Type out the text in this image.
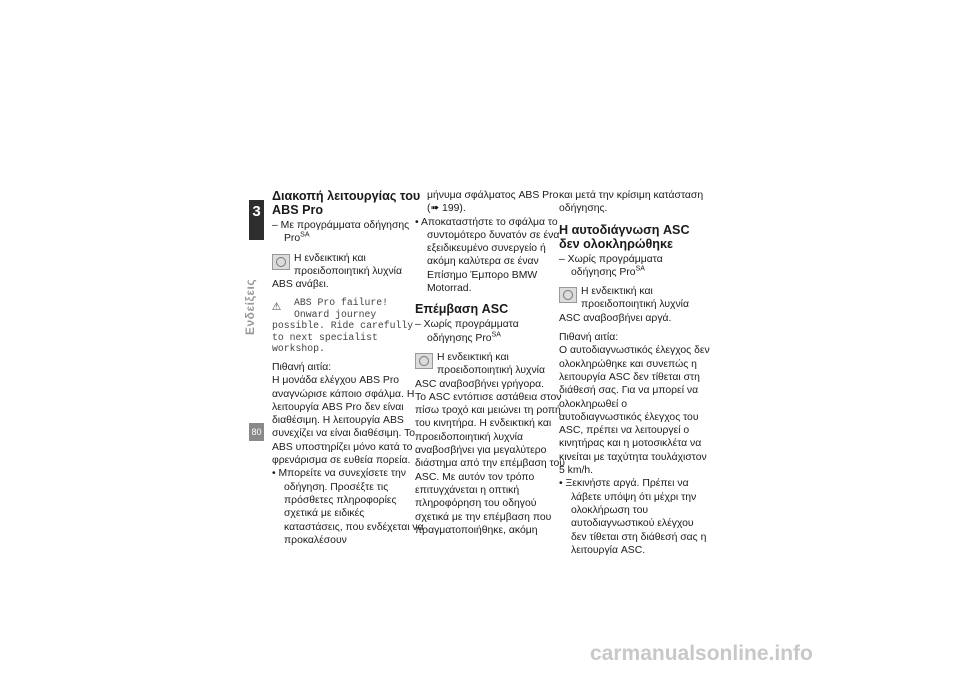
3
80
Ενδείξεις
Διακοπή λειτουργίας του ABS Pro

– Με προγράμματα οδήγησης Pro$^{SA}$

Η ενδεικτική και προειδοποιητική λυχνία ABS ανάβει.

⚠	ABS Pro failure! Onward journey possible. Ride carefully to next specialist workshop.

Πιθανή αιτία:

Η μονάδα ελέγχου ABS Pro αναγνώρισε κάποιο σφάλμα. Η λειτουργία ABS Pro δεν είναι διαθέσιμη. Η λειτουργία ABS συνεχίζει να είναι διαθέσιμη. Το ABS υποστηρίζει μόνο κατά το φρενάρισμα σε ευθεία πορεία.

• Μπορείτε να συνεχίσετε την οδήγηση. Προσέξτε τις πρόσθετες πληροφορίες σχετικά με ειδικές καταστάσεις, που ενδέχεται να προκαλέσουν

μήνυμα σφάλματος ABS Pro (➠ 199).

• Αποκαταστήστε το σφάλμα το συντομότερο δυνατόν σε ένα εξειδικευμένο συνεργείο ή ακόμη καλύτερα σε έναν Επίσημο Έμπορο BMW Motorrad.

Επέμβαση ASC

– Χωρίς προγράμματα οδήγησης Pro$^{SA}$

Η ενδεικτική και προειδοποιητική λυχνία ASC αναβοσβήνει γρήγορα.

Το ASC εντόπισε αστάθεια στον πίσω τροχό και μειώνει τη ροπή του κινητήρα. Η ενδεικτική και προειδοποιητική λυχνία αναβοσβήνει για μεγαλύτερο διάστημα από την επέμβαση του ASC. Με αυτόν τον τρόπο επιτυγχάνεται η οπτική πληροφόρηση του οδηγού σχετικά με την επέμβαση που πραγματοποιήθηκε, ακόμη

και μετά την κρίσιμη κατάσταση οδήγησης.

Η αυτοδιάγνωση ASC δεν ολοκληρώθηκε

– Χωρίς προγράμματα οδήγησης Pro$^{SA}$

Η ενδεικτική και προειδοποιητική λυχνία ASC αναβοσβήνει αργά.

Πιθανή αιτία:

Ο αυτοδιαγνωστικός έλεγχος δεν ολοκληρώθηκε και συνεπώς η λειτουργία ASC δεν τίθεται στη διάθεσή σας. Για να μπορεί να ολοκληρωθεί ο αυτοδιαγνωστικός έλεγχος του ASC, πρέπει να λειτουργεί ο κινητήρας και η μοτοσικλέτα να κινείται με ταχύτητα τουλάχιστον 5 km/h.

• Ξεκινήστε αργά. Πρέπει να λάβετε υπόψη ότι μέχρι την ολοκλήρωση του αυτοδιαγνωστικού ελέγχου δεν τίθεται στη διάθεσή σας η λειτουργία ASC.

carmanualsonline.info
